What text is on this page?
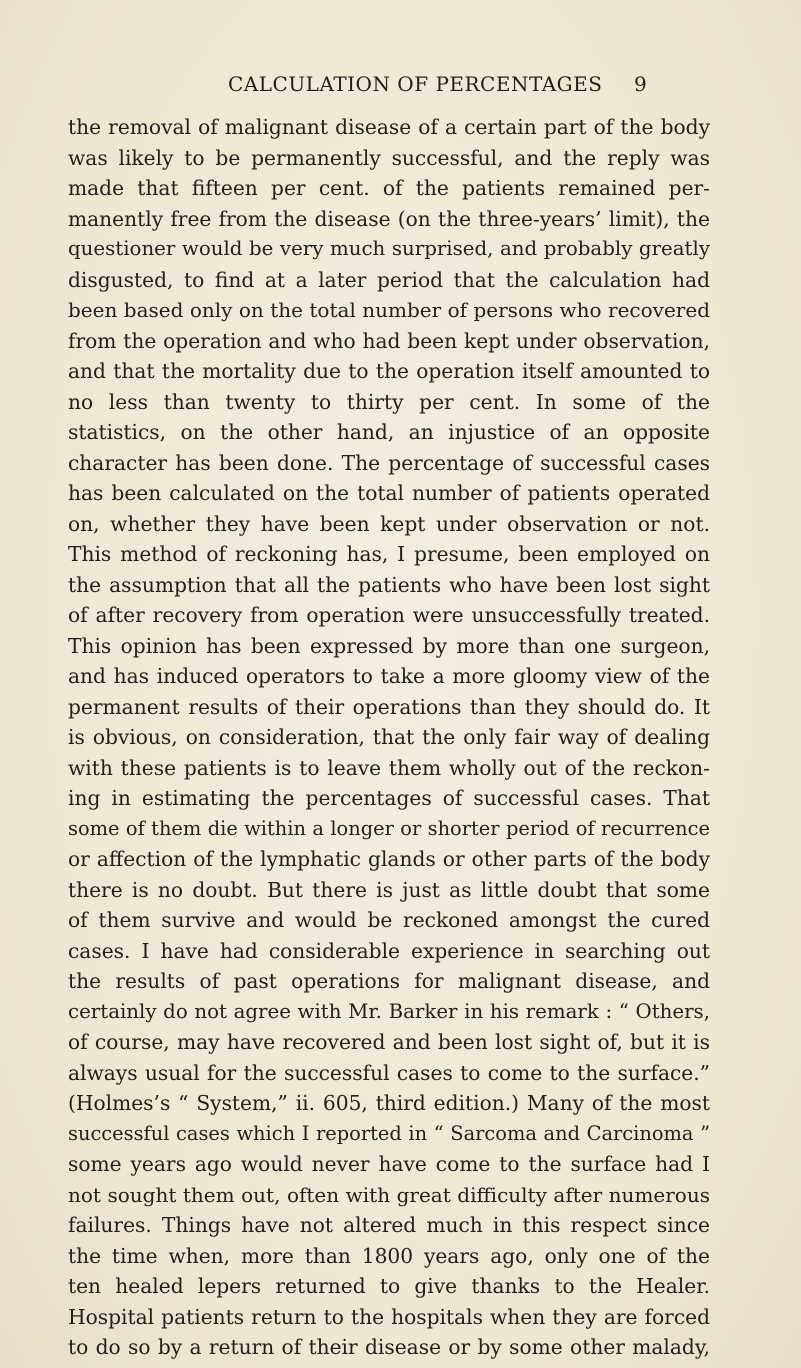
CALCULATION OF PERCENTAGES 9
the removal of malignant disease of a certain part of the body
was likely to be permanently successful, and the reply was
made that fifteen per cent. of the patients remained per-
manently free from the disease (on the three-years’ limit), the
questioner would be very much surprised, and probably greatly
disgusted, to find at a later period that the calculation had
been based only on the total number of persons who recovered
from the operation and who had been kept under observation,
and that the mortality due to the operation itself amounted to
no less than twenty to thirty per cent. In some of the
statistics, on the other hand, an injustice of an opposite
character has been done. The percentage of successful cases
has been calculated on the total number of patients operated
on, whether they have been kept under observation or not.
This method of reckoning has, I presume, been employed on
the assumption that all the patients who have been lost sight
of after recovery from operation were unsuccessfully treated.
This opinion has been expressed by more than one surgeon,
and has induced operators to take a more gloomy view of the
permanent results of their operations than they should do. It
is obvious, on consideration, that the only fair way of dealing
with these patients is to leave them wholly out of the reckon-
ing in estimating the percentages of successful cases. That
some of them die within a longer or shorter period of recurrence
or affection of the lymphatic glands or other parts of the body
there is no doubt. But there is just as little doubt that some
of them survive and would be reckoned amongst the cured
cases. I have had considerable experience in searching out
the results of past operations for malignant disease, and
certainly do not agree with Mr. Barker in his remark : “ Others,
of course, may have recovered and been lost sight of, but it is
always usual for the successful cases to come to the surface.”
(Holmes’s “ System,” ii. 605, third edition.) Many of the most
successful cases which I reported in “ Sarcoma and Carcinoma ”
some years ago would never have come to the surface had I
not sought them out, often with great difficulty after numerous
failures. Things have not altered much in this respect since
the time when, more than 1800 years ago, only one of the
ten healed lepers returned to give thanks to the Healer.
Hospital patients return to the hospitals when they are forced
to do so by a return of their disease or by some other malady,
